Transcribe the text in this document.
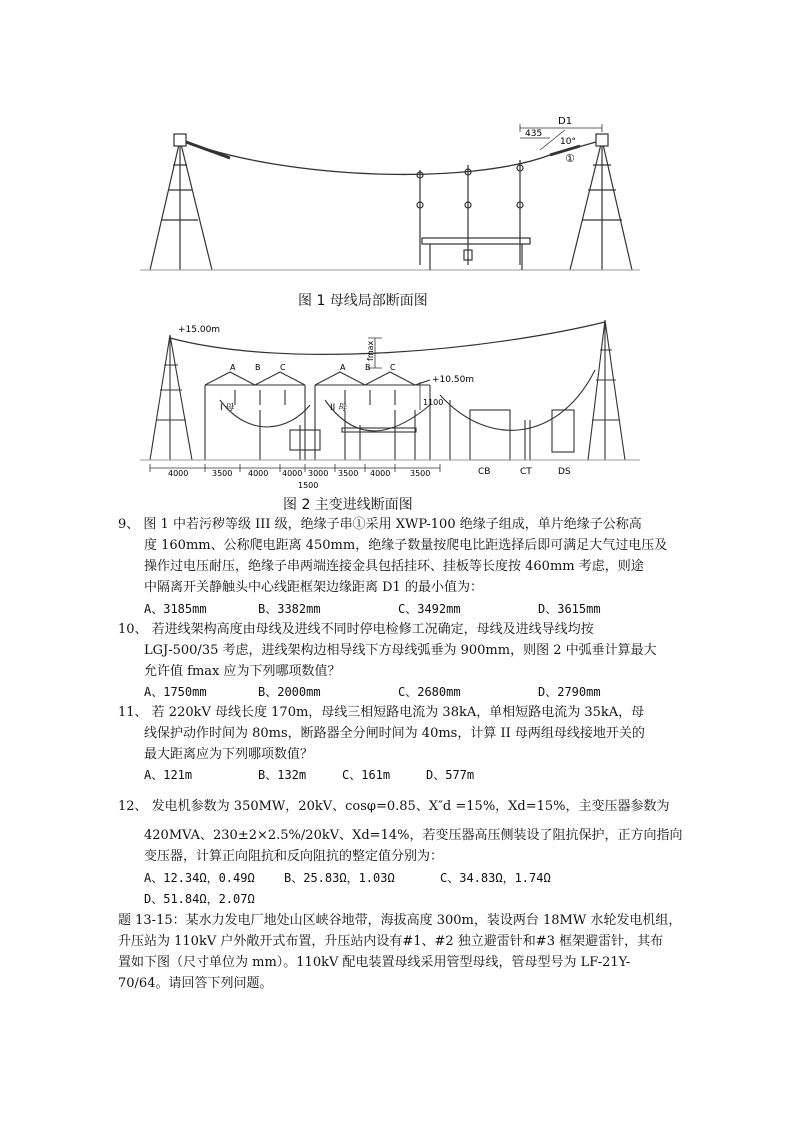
D1
435
10°
①
图 1 母线局部断面图
+15.00m
+10.50m
fmax
1100
A B C	A B C
I 母	II 母
CB	CT	DS
4000	3500 4000 4000 3000 3500 4000 3500
1500
图 2 主变进线断面图
9、 图 1 中若污秽等级 III 级，绝缘子串①采用 XWP-100 绝缘子组成，单片绝缘子公称高
度 160mm、公称爬电距离 450mm，绝缘子数量按爬电比距选择后即可满足大气过电压及
操作过电压耐压，绝缘子串两端连接金具包括挂环、挂板等长度按 460mm 考虑，则途
中隔离开关静触头中心线距框架边缘距离 D1 的最小值为：
A、3185mm	B、3382mm	C、3492mm	D、3615mm
10、 若进线架构高度由母线及进线不同时停电检修工况确定，母线及进线导线均按
LGJ-500/35 考虑，进线架构边相导线下方母线弧垂为 900mm，则图 2 中弧垂计算最大
允许值 fmax 应为下列哪项数值？
A、1750mm	B、2000mm	C、2680mm	D、2790mm
11、 若 220kV 母线长度 170m，母线三相短路电流为 38kA，单相短路电流为 35kA，母
线保护动作时间为 80ms，断路器全分闸时间为 40ms，计算 II 母两组母线接地开关的
最大距离应为下列哪项数值？
A、121m	B、132m	C、161m	D、577m
12、 发电机参数为 350MW，20kV、cosφ=0.85、X″d =15%，Xd=15%，主变压器参数为
420MVA、230±2×2.5%/20kV、Xd=14%，若变压器高压侧装设了阻抗保护，正方向指向
变压器，计算正向阻抗和反向阻抗的整定值分别为：
A、12.34Ω，0.49Ω B、25.83Ω，1.03Ω	C、34.83Ω，1.74Ω
D、51.84Ω，2.07Ω
题 13-15：某水力发电厂地处山区峡谷地带，海拔高度 300m，装设两台 18MW 水轮发电机组，
升压站为 110kV 户外敞开式布置，升压站内设有#1、#2 独立避雷针和#3 框架避雷针，其布
置如下图（尺寸单位为 mm）。110kV 配电装置母线采用管型母线，管母型号为 LF-21Y-
70/64。请回答下列问题。
